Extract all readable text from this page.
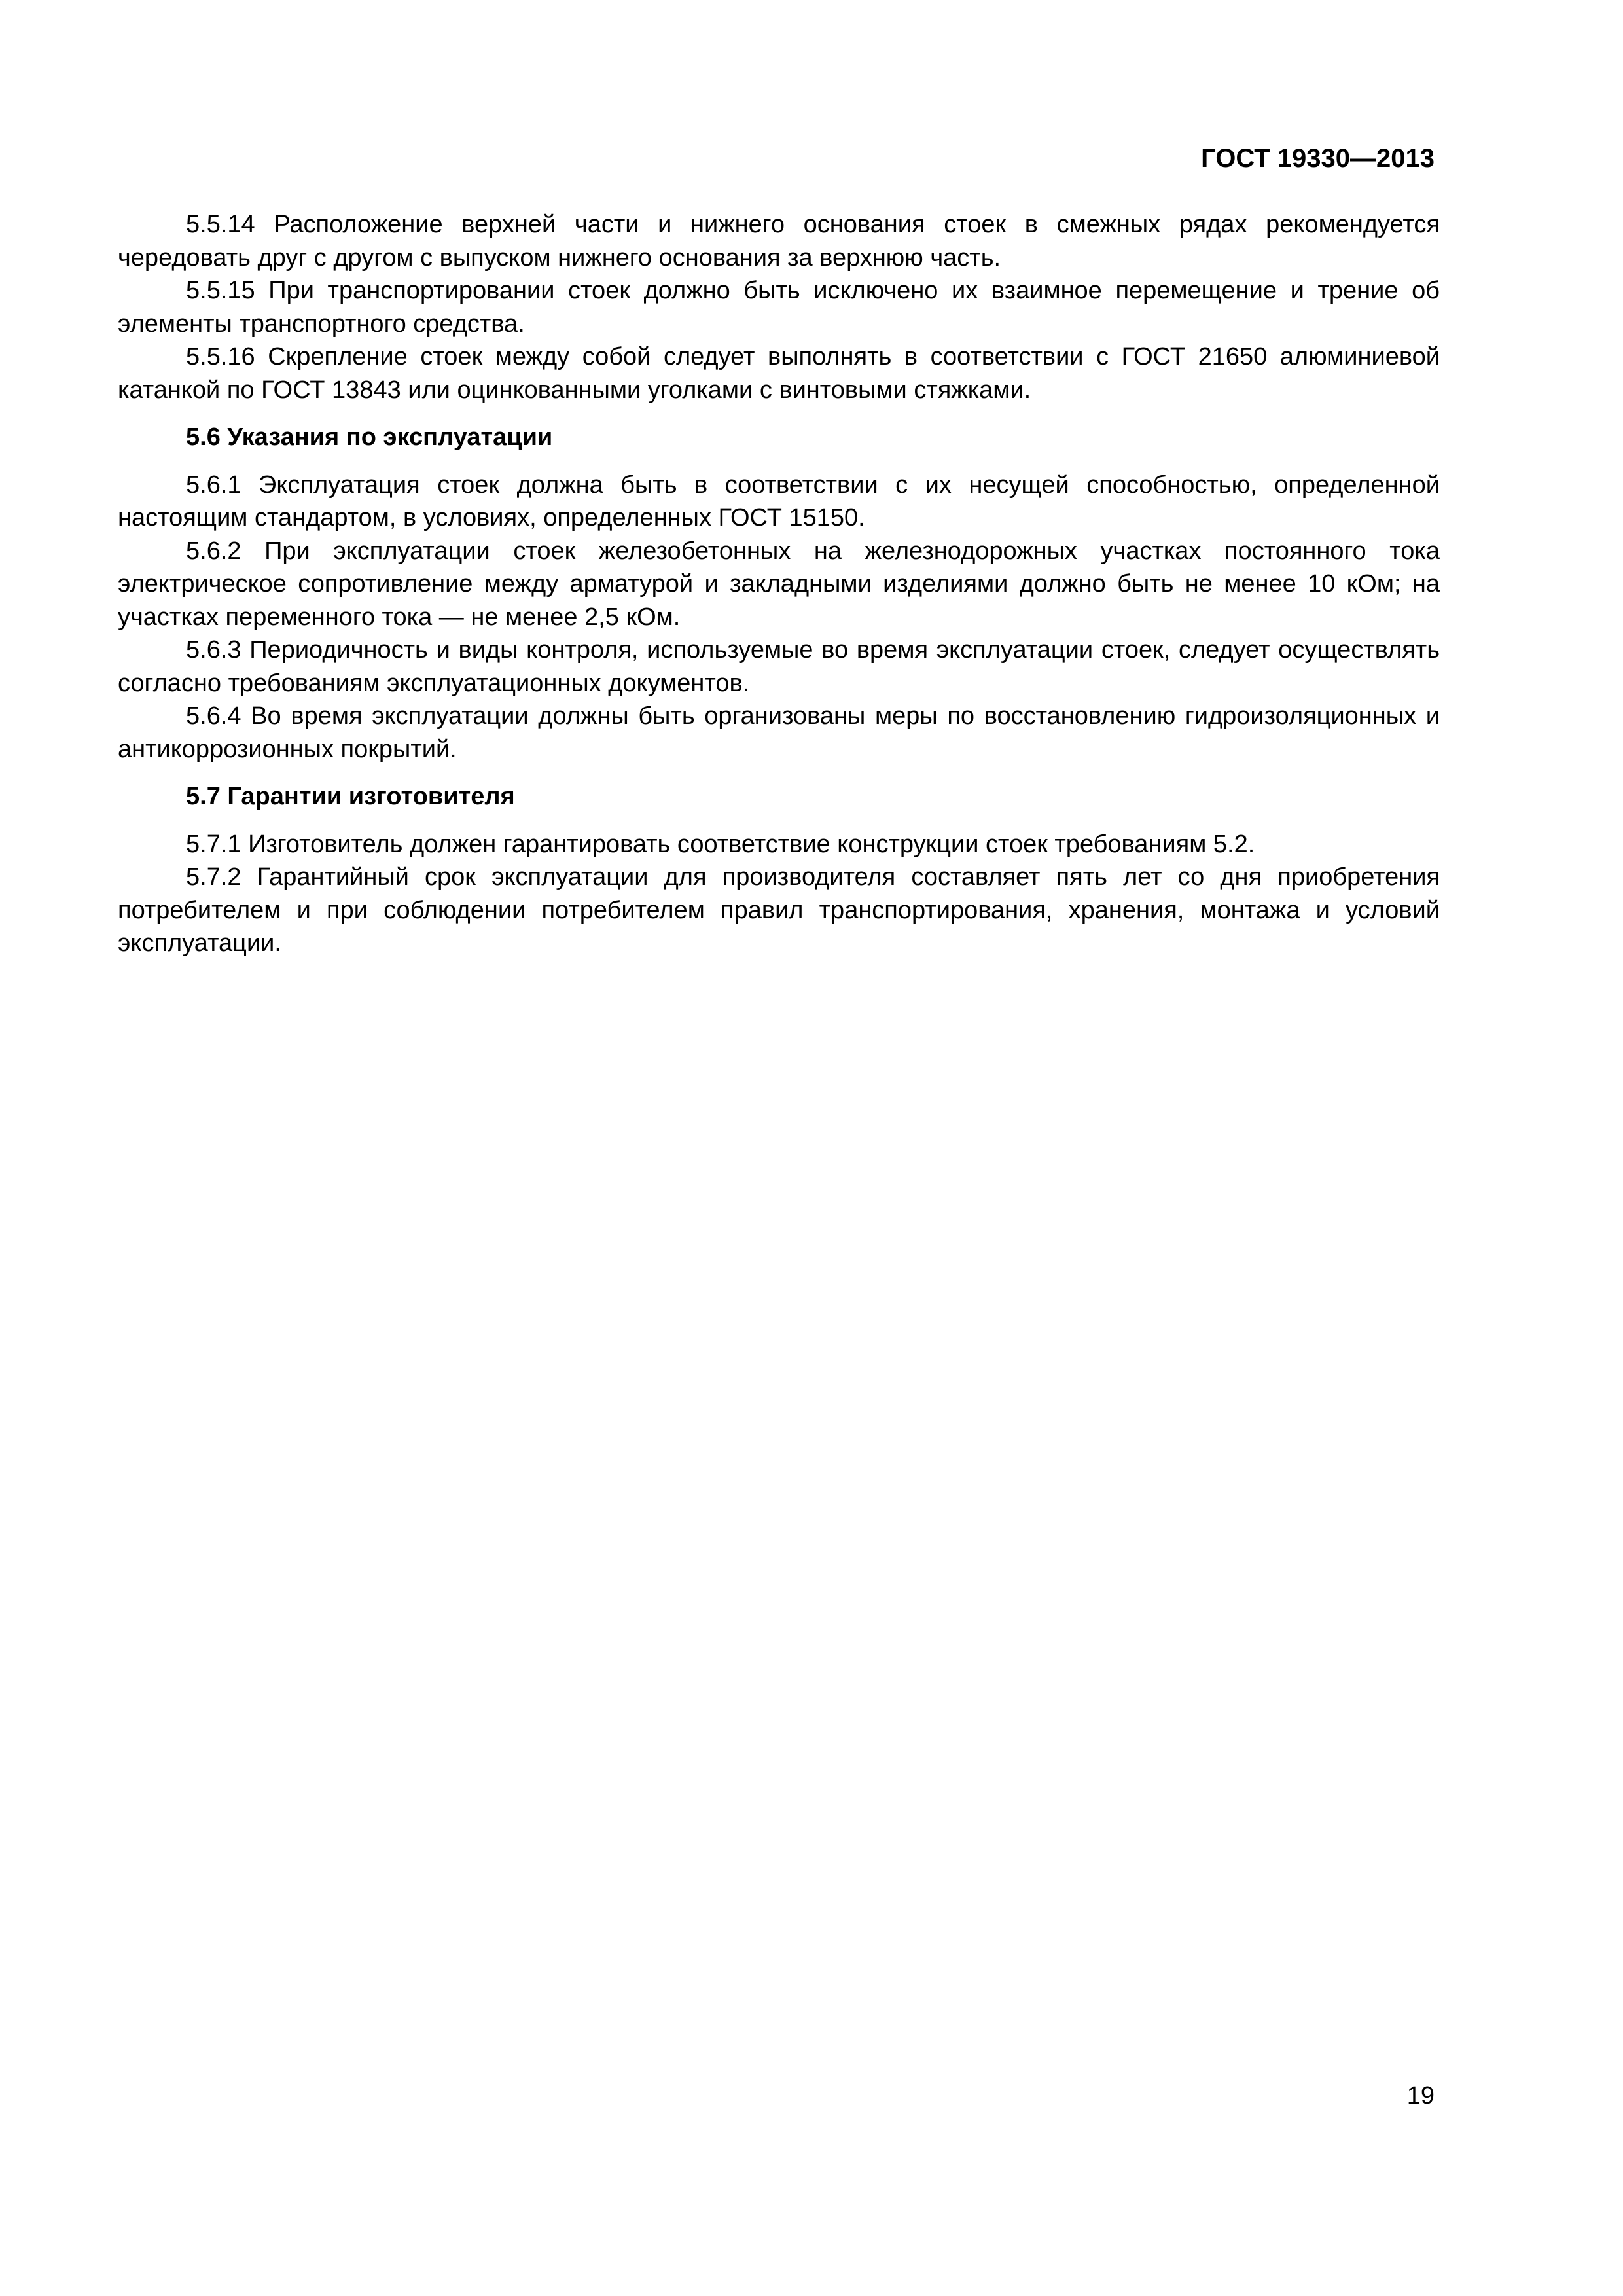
ГОСТ 19330—2013

5.5.14 Расположение верхней части и нижнего основания стоек в смежных рядах рекомендуется чередовать друг с другом с выпуском нижнего основания за верхнюю часть.

5.5.15 При транспортировании стоек должно быть исключено их взаимное перемещение и трение об элементы транспортного средства.

5.5.16 Скрепление стоек между собой следует выполнять в соответствии с ГОСТ 21650 алюминиевой катанкой по ГОСТ 13843 или оцинкованными уголками с винтовыми стяжками.

5.6 Указания по эксплуатации

5.6.1 Эксплуатация стоек должна быть в соответствии с их несущей способностью, определенной настоящим стандартом, в условиях, определенных ГОСТ 15150.

5.6.2 При эксплуатации стоек железобетонных на железнодорожных участках постоянного тока электрическое сопротивление между арматурой и закладными изделиями должно быть не менее 10 кОм; на участках переменного тока — не менее 2,5 кОм.

5.6.3 Периодичность и виды контроля, используемые во время эксплуатации стоек, следует осуществлять согласно требованиям эксплуатационных документов.

5.6.4 Во время эксплуатации должны быть организованы меры по восстановлению гидроизоляционных и антикоррозионных покрытий.

5.7 Гарантии изготовителя

5.7.1 Изготовитель должен гарантировать соответствие конструкции стоек требованиям 5.2.

5.7.2 Гарантийный срок эксплуатации для производителя составляет пять лет со дня приобретения потребителем и при соблюдении потребителем правил транспортирования, хранения, монтажа и условий эксплуатации.

19
